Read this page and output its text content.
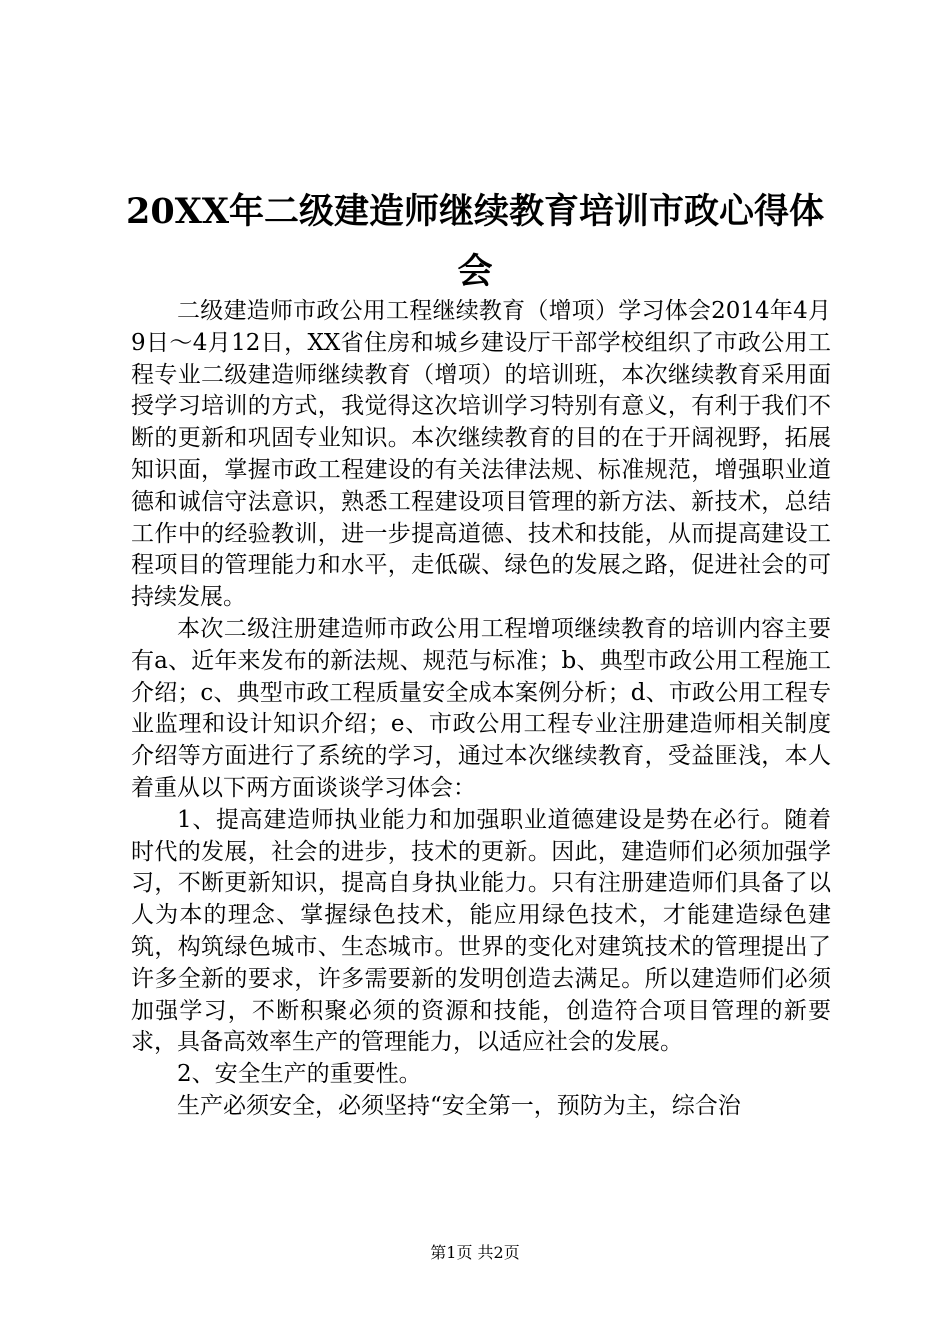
20XX年二级建造师继续教育培训市政心得体会

二级建造师市政公用工程继续教育（增项）学习体会2014年4月9日～4月12日，XX省住房和城乡建设厅干部学校组织了市政公用工程专业二级建造师继续教育（增项）的培训班，本次继续教育采用面授学习培训的方式，我觉得这次培训学习特别有意义，有利于我们不断的更新和巩固专业知识。本次继续教育的目的在于开阔视野，拓展知识面，掌握市政工程建设的有关法律法规、标准规范，增强职业道德和诚信守法意识，熟悉工程建设项目管理的新方法、新技术，总结工作中的经验教训，进一步提高道德、技术和技能，从而提高建设工程项目的管理能力和水平，走低碳、绿色的发展之路，促进社会的可持续发展。

本次二级注册建造师市政公用工程增项继续教育的培训内容主要有a、近年来发布的新法规、规范与标准；b、典型市政公用工程施工介绍；c、典型市政工程质量安全成本案例分析；d、市政公用工程专业监理和设计知识介绍；e、市政公用工程专业注册建造师相关制度介绍等方面进行了系统的学习，通过本次继续教育，受益匪浅，本人着重从以下两方面谈谈学习体会：

1、提高建造师执业能力和加强职业道德建设是势在必行。随着时代的发展，社会的进步，技术的更新。因此，建造师们必须加强学习，不断更新知识，提高自身执业能力。只有注册建造师们具备了以人为本的理念、掌握绿色技术，能应用绿色技术，才能建造绿色建筑，构筑绿色城市、生态城市。世界的变化对建筑技术的管理提出了许多全新的要求，许多需要新的发明创造去满足。所以建造师们必须加强学习，不断积聚必须的资源和技能，创造符合项目管理的新要求，具备高效率生产的管理能力，以适应社会的发展。

2、安全生产的重要性。

生产必须安全，必须坚持“安全第一，预防为主，综合治

第1页 共2页
